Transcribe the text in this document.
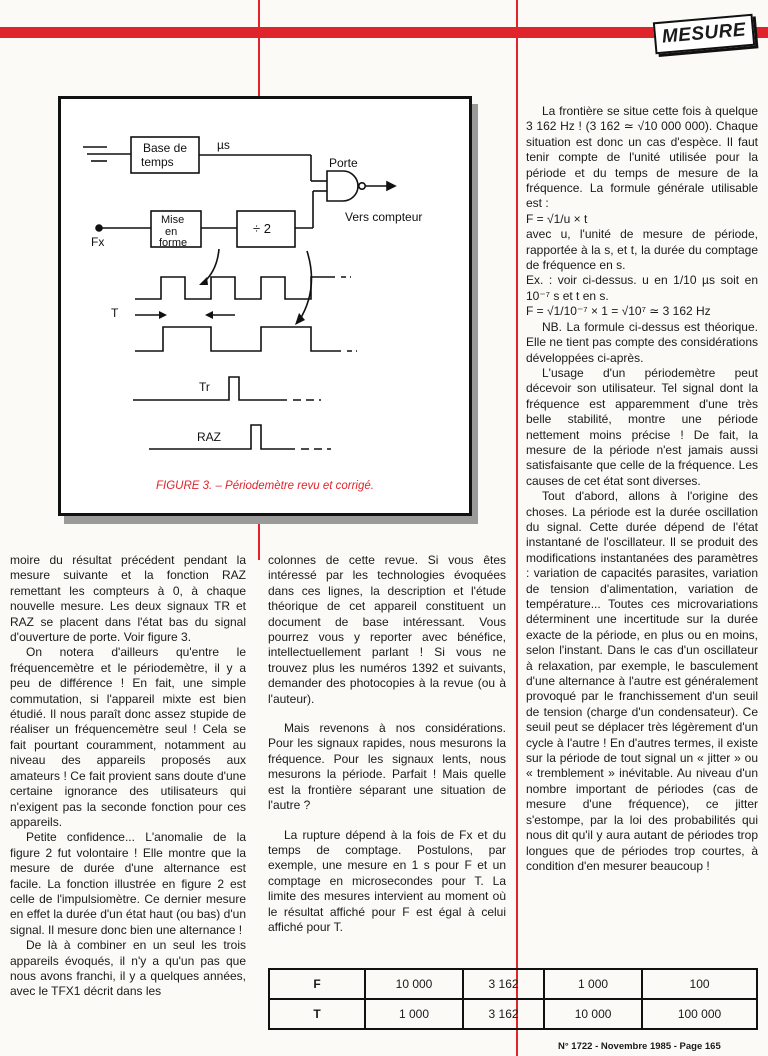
MESURE
Base de
temps
µs
Porte
Vers compteur
Fx
Mise
en
forme
÷ 2
T
Tr
RAZ
FIGURE 3. – Périodemètre revu et corrigé.

La frontière se situe cette fois à quelque 3 162 Hz ! (3 162 ≃ √10 000 000). Chaque situation est donc un cas d'espèce. Il faut tenir compte de l'unité utilisée pour la période et du temps de mesure de la fréquence. La formule générale utilisable est :

F = √1/u × t

avec u, l'unité de mesure de période, rapportée à la s, et t, la durée du comptage de fréquence en s.

Ex. : voir ci-dessus. u en 1/10 µs soit en 10⁻⁷ s et t en s.

F = √1/10⁻⁷ × 1 = √10⁷ ≃ 3 162 Hz

NB. La formule ci-dessus est théorique. Elle ne tient pas compte des considérations développées ci-après.

L'usage d'un périodemètre peut décevoir son utilisateur. Tel signal dont la fréquence est apparemment d'une très belle stabilité, montre une période nettement moins précise ! De fait, la mesure de la période n'est jamais aussi satisfaisante que celle de la fréquence. Les causes de cet état sont diverses.

Tout d'abord, allons à l'origine des choses. La période est la durée oscillation du signal. Cette durée dépend de l'état instantané de l'oscillateur. Il se produit des modifications instantanées des paramètres : variation de capacités parasites, variation de tension d'alimentation, variation de température... Toutes ces microvariations déterminent une incertitude sur la durée exacte de la période, en plus ou en moins, selon l'instant. Dans le cas d'un oscillateur à relaxation, par exemple, le basculement d'une alternance à l'autre est généralement provoqué par le franchissement d'un seuil de tension (charge d'un condensateur). Ce seuil peut se déplacer très légèrement d'un cycle à l'autre ! En d'autres termes, il existe sur la période de tout signal un « jitter » ou « tremblement » inévitable. Au niveau d'un nombre important de périodes (cas de mesure d'une fréquence), ce jitter s'estompe, par la loi des probabilités qui nous dit qu'il y aura autant de périodes trop longues que de périodes trop courtes, à condition d'en mesurer beaucoup !

moire du résultat précédent pendant la mesure suivante et la fonction RAZ remettant les compteurs à 0, à chaque nouvelle mesure. Les deux signaux TR et RAZ se placent dans l'état bas du signal d'ouverture de porte. Voir figure 3.

On notera d'ailleurs qu'entre le fréquencemètre et le périodemètre, il y a peu de différence ! En fait, une simple commutation, si l'appareil mixte est bien étudié. Il nous paraît donc assez stupide de réaliser un fréquencemètre seul ! Cela se fait pourtant couramment, notamment au niveau des appareils proposés aux amateurs ! Ce fait provient sans doute d'une certaine ignorance des utilisateurs qui n'exigent pas la seconde fonction pour ces appareils.

Petite confidence... L'anomalie de la figure 2 fut volontaire ! Elle montre que la mesure de durée d'une alternance est facile. La fonction illustrée en figure 2 est celle de l'impulsiomètre. Ce dernier mesure en effet la durée d'un état haut (ou bas) d'un signal. Il mesure donc bien une alternance !

De là à combiner en un seul les trois appareils évoqués, il n'y a qu'un pas que nous avons franchi, il y a quelques années, avec le TFX1 décrit dans les

colonnes de cette revue. Si vous êtes intéressé par les technologies évoquées dans ces lignes, la description et l'étude théorique de cet appareil constituent un document de base intéressant. Vous pourrez vous y reporter avec bénéfice, intellectuellement parlant ! Si vous ne trouvez plus les numéros 1392 et suivants, demander des photocopies à la revue (ou à l'auteur).

Mais revenons à nos considérations. Pour les signaux rapides, nous mesurons la fréquence. Pour les signaux lents, nous mesurons la période. Parfait ! Mais quelle est la frontière séparant une situation de l'autre ?

La rupture dépend à la fois de Fx et du temps de comptage. Postulons, par exemple, une mesure en 1 s pour F et un comptage en microsecondes pour T. La limite des mesures intervient au moment où le résultat affiché pour F est égal à celui affiché pour T.

F	10 000	3 162	1 000	100
T	1 000	3 162	10 000	100 000
N° 1722 - Novembre 1985 - Page 165
